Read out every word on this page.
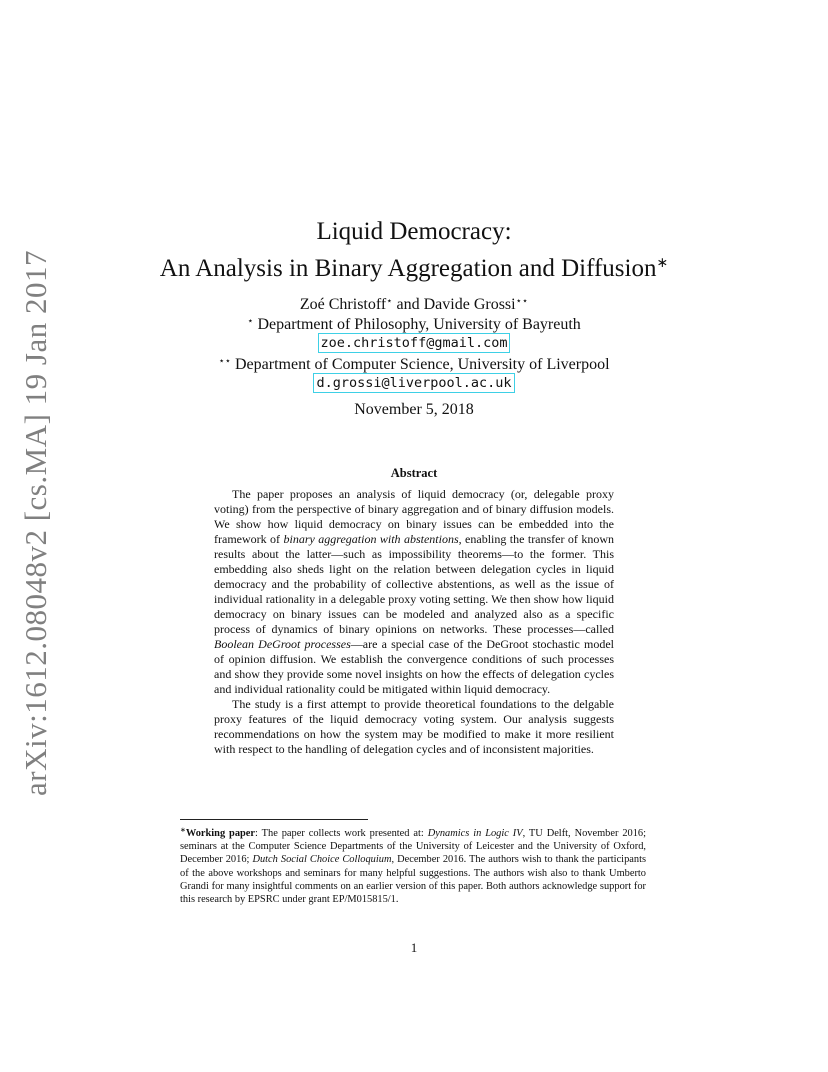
arXiv:1612.08048v2 [cs.MA] 19 Jan 2017
Liquid Democracy:
An Analysis in Binary Aggregation and Diffusion∗
Zoé Christoff⋆ and Davide Grossi⋆⋆
⋆ Department of Philosophy, University of Bayreuth
zoe.christoff@gmail.com
⋆⋆ Department of Computer Science, University of Liverpool
d.grossi@liverpool.ac.uk
November 5, 2018
Abstract

The paper proposes an analysis of liquid democracy (or, delegable proxy voting) from the perspective of binary aggregation and of binary diffusion models. We show how liquid democracy on binary issues can be embedded into the framework of binary aggregation with abstentions, enabling the transfer of known results about the latter—such as impossibility theorems—to the former. This embedding also sheds light on the relation between delegation cycles in liquid democracy and the probability of collective abstentions, as well as the issue of individual rationality in a delegable proxy voting setting. We then show how liquid democracy on binary issues can be modeled and analyzed also as a specific process of dynamics of binary opinions on networks. These processes—called Boolean DeGroot processes—are a special case of the DeGroot stochastic model of opinion diffusion. We establish the convergence conditions of such processes and show they provide some novel insights on how the effects of delegation cycles and individual rationality could be mitigated within liquid democracy.

The study is a first attempt to provide theoretical foundations to the delgable proxy features of the liquid democracy voting system. Our analysis suggests recommendations on how the system may be modified to make it more resilient with respect to the handling of delegation cycles and of inconsistent majorities.

∗Working paper: The paper collects work presented at: Dynamics in Logic IV, TU Delft, November 2016; seminars at the Computer Science Departments of the University of Leicester and the University of Oxford, December 2016; Dutch Social Choice Colloquium, December 2016. The authors wish to thank the participants of the above workshops and seminars for many helpful suggestions. The authors wish also to thank Umberto Grandi for many insightful comments on an earlier version of this paper. Both authors acknowledge support for this research by EPSRC under grant EP/M015815/1.
1
